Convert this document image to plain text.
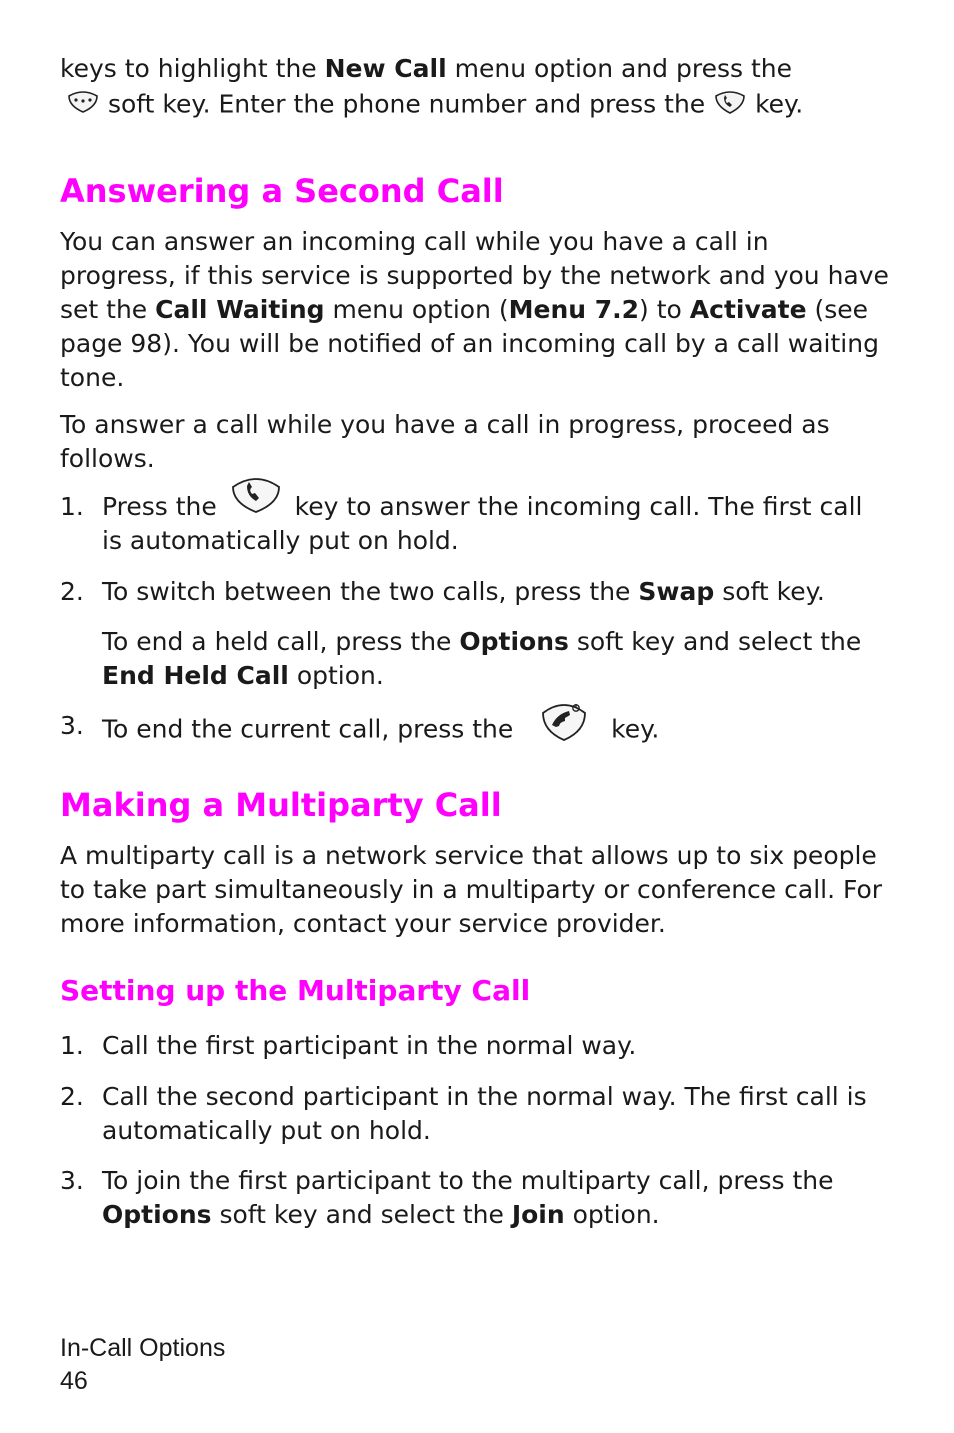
keys to highlight the New Call menu option and press the
soft key. Enter the phone number and press the  key.

Answering a Second Call

You can answer an incoming call while you have a call in progress, if this service is supported by the network and you have set the Call Waiting menu option (Menu 7.2) to Activate (see page 98). You will be notified of an incoming call by a call waiting tone.

To answer a call while you have a call in progress, proceed as follows.

1. Press the  key to answer the incoming call. The first call is automatically put on hold.

2. To switch between the two calls, press the Swap soft key.

To end a held call, press the Options soft key and select the End Held Call option.

3. To end the current call, press the	key.

Making a Multiparty Call

A multiparty call is a network service that allows up to six people to take part simultaneously in a multiparty or conference call. For more information, contact your service provider.

Setting up the Multiparty Call
1. Call the first participant in the normal way.

2. Call the second participant in the normal way. The first call is automatically put on hold.

3. To join the first participant to the multiparty call, press the Options soft key and select the Join option.

In-Call Options
46
